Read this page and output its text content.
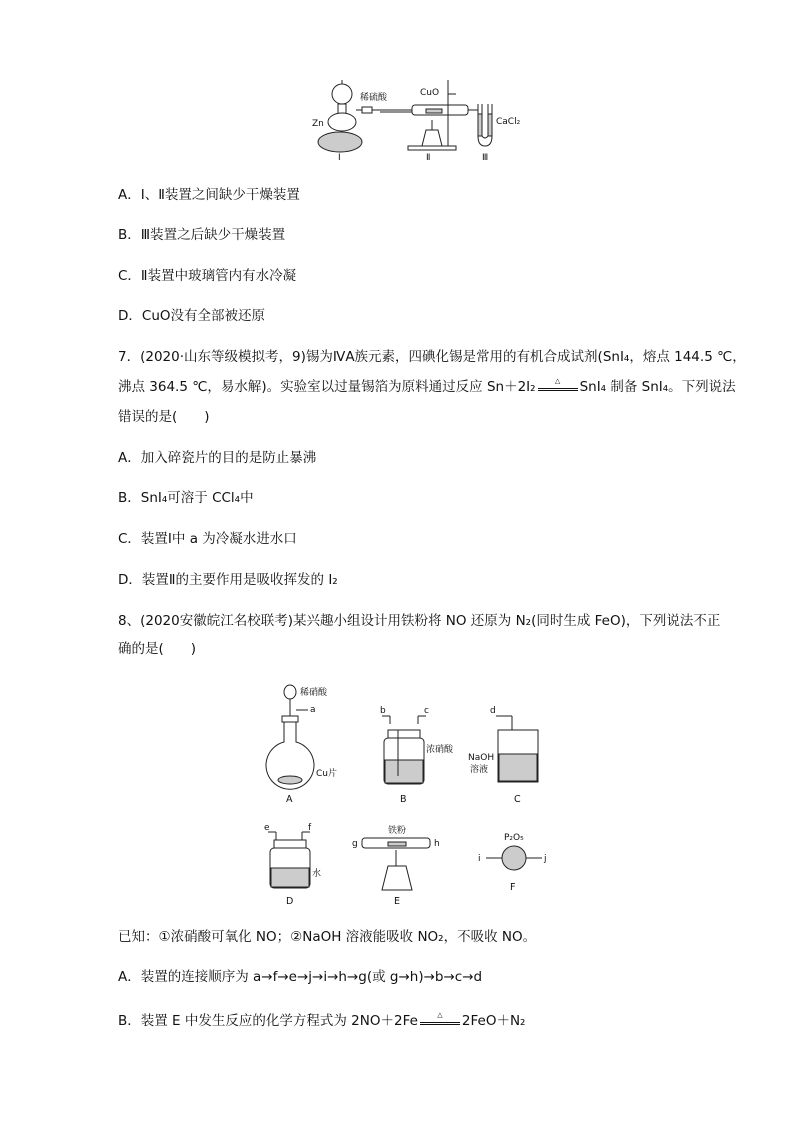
稀硫酸
Zn
Ⅰ
CuO
Ⅱ
CaCl₂
Ⅲ
A．Ⅰ、Ⅱ装置之间缺少干燥装置
B．Ⅲ装置之后缺少干燥装置
C．Ⅱ装置中玻璃管内有水冷凝
D．CuO没有全部被还原
7．(2020·山东等级模拟考，9)锡为ⅣA族元素，四碘化锡是常用的有机合成试剂(SnI₄，熔点 144.5 ℃，
沸点 364.5 ℃，易水解)。实验室以过量锡箔为原料通过反应 Sn＋2I₂	△	SnI₄ 制备 SnI₄。下列说法
错误的是(　　)
A．加入碎瓷片的目的是防止暴沸
B．SnI₄可溶于 CCl₄中
C．装置Ⅰ中 a 为冷凝水进水口
D．装置Ⅱ的主要作用是吸收挥发的 I₂
8、(2020安徽皖江名校联考)某兴趣小组设计用铁粉将 NO 还原为 N₂(同时生成 FeO)，下列说法不正
确的是(　　)
稀硝酸
a
Cu片
A
b	c
浓硝酸
B
d
NaOH
溶液
C
e	f
水
D
铁粉
g	h
E
P₂O₅
i	j
F
已知：①浓硝酸可氧化 NO；②NaOH 溶液能吸收 NO₂，不吸收 NO。
A．装置的连接顺序为 a→f→e→j→i→h→g(或 g→h)→b→c→d
B．装置 E 中发生反应的化学方程式为 2NO＋2Fe	△	2FeO＋N₂
